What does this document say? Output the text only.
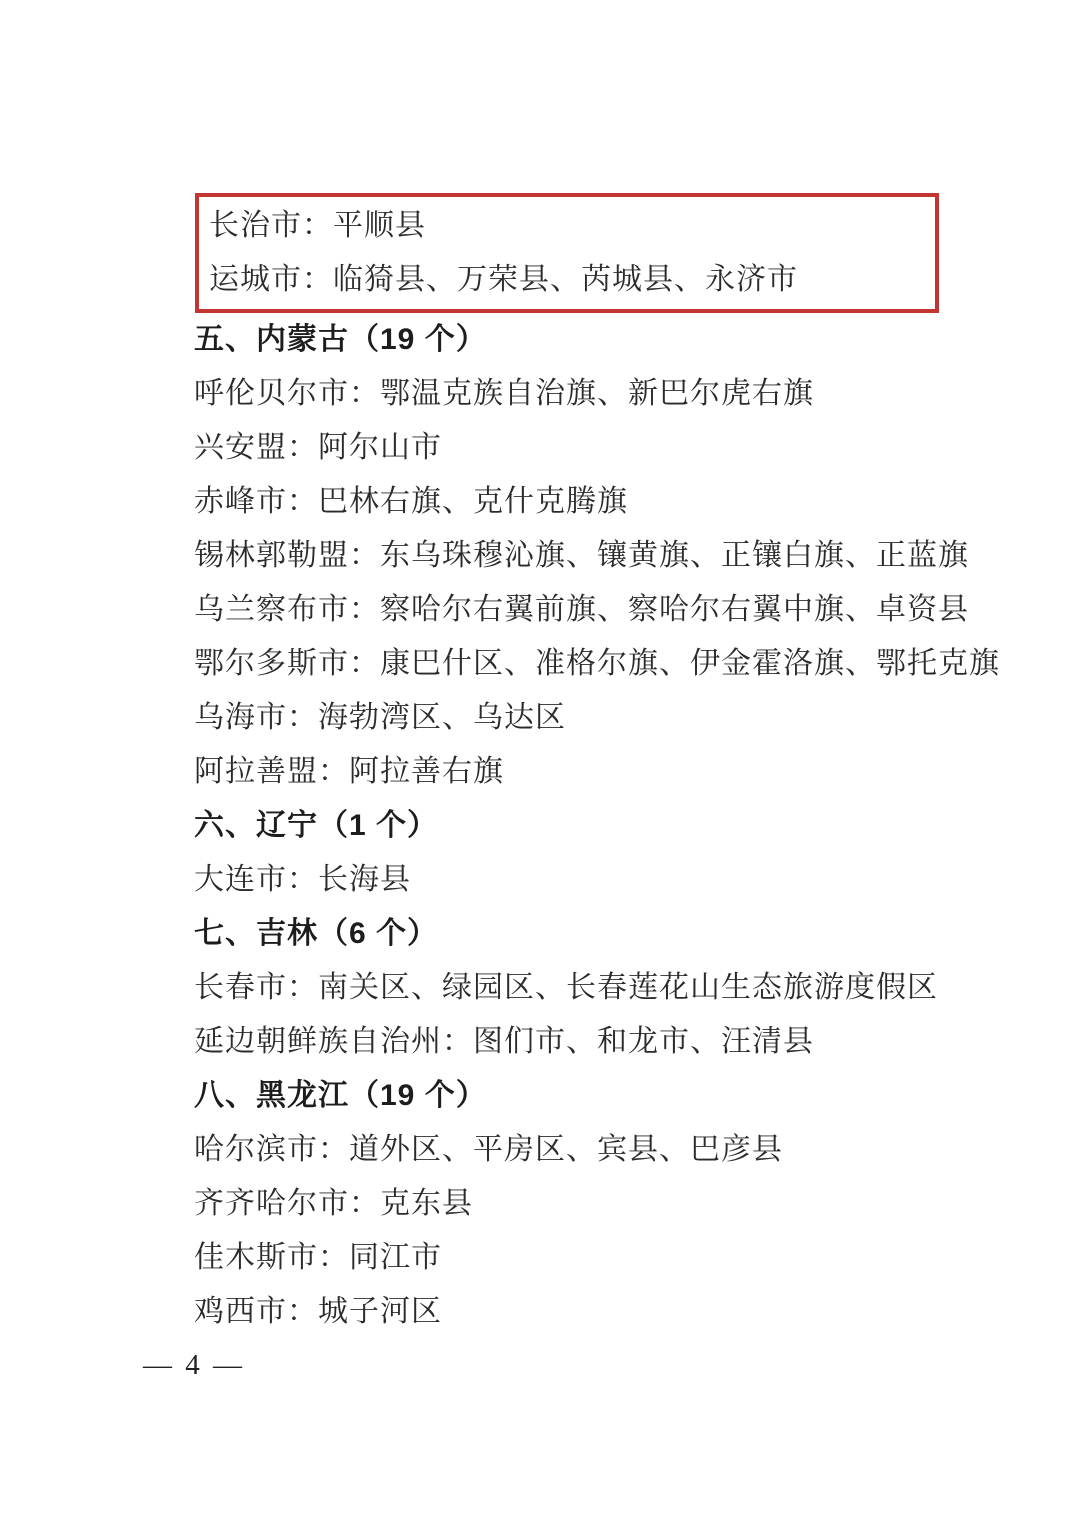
长治市：平顺县

运城市：临猗县、万荣县、芮城县、永济市

五、内蒙古（19 个）

呼伦贝尔市：鄂温克族自治旗、新巴尔虎右旗

兴安盟：阿尔山市

赤峰市：巴林右旗、克什克腾旗

锡林郭勒盟：东乌珠穆沁旗、镶黄旗、正镶白旗、正蓝旗

乌兰察布市：察哈尔右翼前旗、察哈尔右翼中旗、卓资县

鄂尔多斯市：康巴什区、准格尔旗、伊金霍洛旗、鄂托克旗

乌海市：海勃湾区、乌达区

阿拉善盟：阿拉善右旗

六、辽宁（1 个）

大连市：长海县

七、吉林（6 个）

长春市：南关区、绿园区、长春莲花山生态旅游度假区

延边朝鲜族自治州：图们市、和龙市、汪清县

八、黑龙江（19 个）

哈尔滨市：道外区、平房区、宾县、巴彦县

齐齐哈尔市：克东县

佳木斯市：同江市

鸡西市：城子河区

— 4 —
